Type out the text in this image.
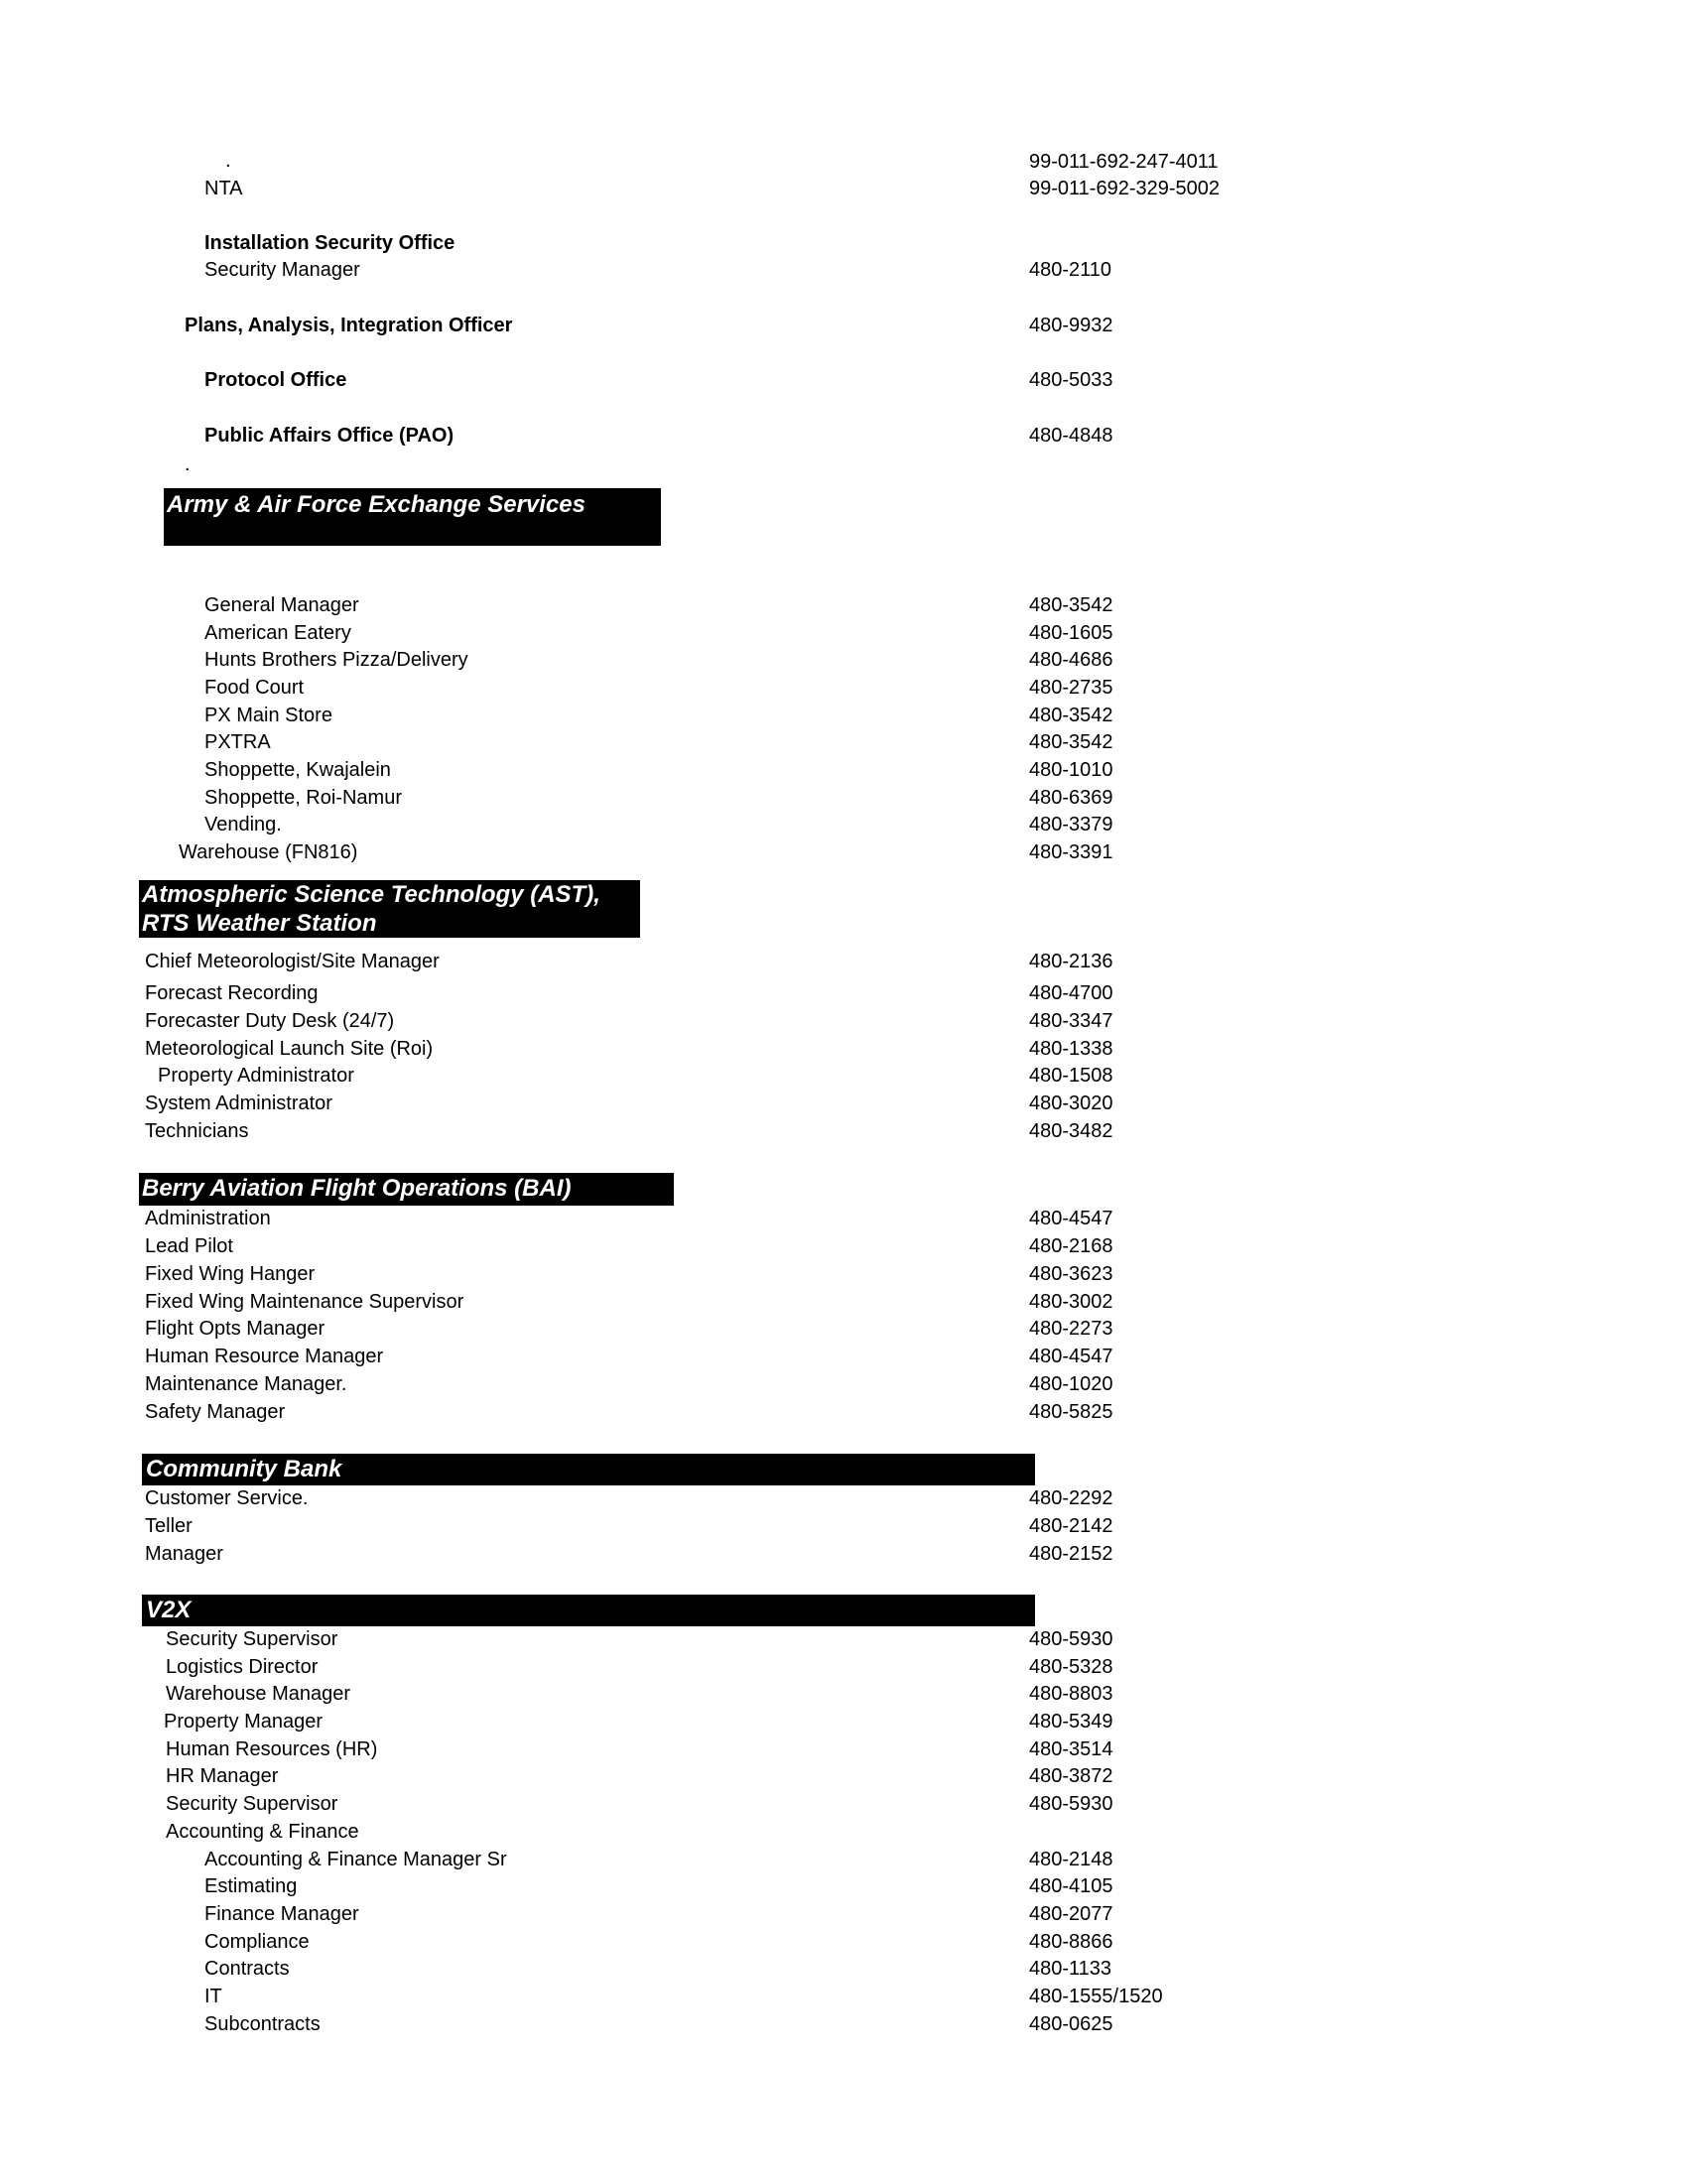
.	99-011-692-247-4011
NTA	99-011-692-329-5002
Installation Security Office
Security Manager	480-2110
Plans, Analysis, Integration Officer	480-9932
Protocol Office	480-5033
Public Affairs Office (PAO)	480-4848
.
Army & Air Force Exchange Services
General Manager	480-3542
American Eatery	480-1605
Hunts Brothers Pizza/Delivery	480-4686
Food Court	480-2735
PX Main Store	480-3542
PXTRA	480-3542
Shoppette, Kwajalein	480-1010
Shoppette, Roi-Namur	480-6369
Vending.	480-3379
Warehouse (FN816)	480-3391
Atmospheric Science Technology (AST),
RTS Weather Station
Chief Meteorologist/Site Manager	480-2136
Forecast Recording	480-4700
Forecaster Duty Desk (24/7)	480-3347
Meteorological Launch Site (Roi)	480-1338
Property Administrator	480-1508
System Administrator	480-3020
Technicians	480-3482
Berry Aviation Flight Operations (BAI)
Administration	480-4547
Lead Pilot	480-2168
Fixed Wing Hanger	480-3623
Fixed Wing Maintenance Supervisor	480-3002
Flight Opts Manager	480-2273
Human Resource Manager	480-4547
Maintenance Manager.	480-1020
Safety Manager	480-5825
Community Bank
Customer Service.	480-2292
Teller	480-2142
Manager	480-2152
V2X
Security Supervisor	480-5930
Logistics Director	480-5328
Warehouse Manager	480-8803
Property Manager	480-5349
Human Resources (HR)	480-3514
HR Manager	480-3872
Security Supervisor	480-5930
Accounting & Finance
Accounting & Finance Manager Sr	480-2148
Estimating	480-4105
Finance Manager	480-2077
Compliance	480-8866
Contracts	480-1133
IT	480-1555/1520
Subcontracts	480-0625
